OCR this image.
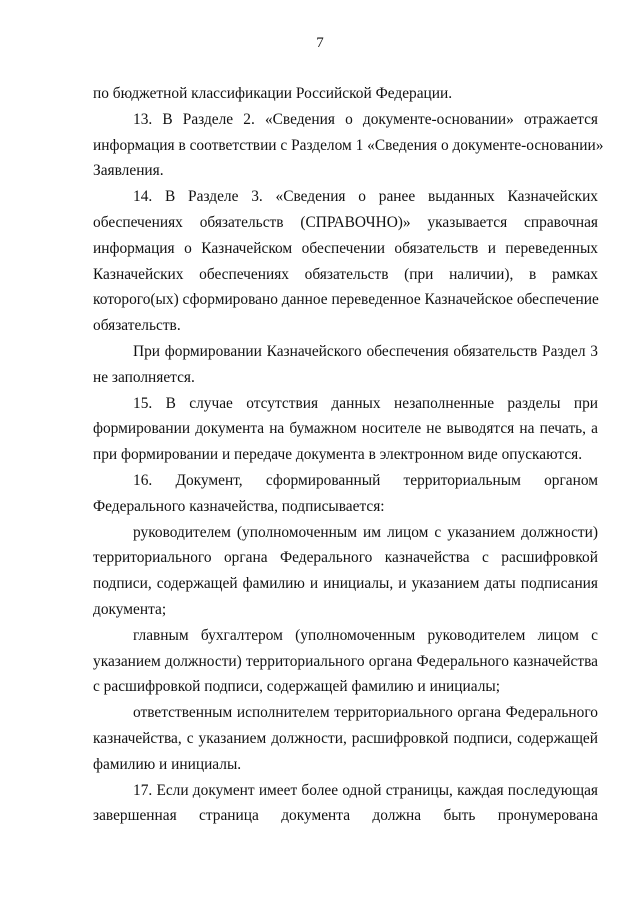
7
по бюджетной классификации Российской Федерации.
13. В Разделе 2. «Сведения о документе-основании» отражается
информация в соответствии с Разделом 1 «Сведения о документе-основании»
Заявления.
14. В Разделе 3. «Сведения о ранее выданных Казначейских
обеспечениях обязательств (СПРАВОЧНО)» указывается справочная
информация о Казначейском обеспечении обязательств и переведенных
Казначейских обеспечениях обязательств (при наличии), в рамках
которого(ых) сформировано данное переведенное Казначейское обеспечение
обязательств.
При формировании Казначейского обеспечения обязательств Раздел 3
не заполняется.
15. В случае отсутствия данных незаполненные разделы при
формировании документа на бумажном носителе не выводятся на печать, а
при формировании и передаче документа в электронном виде опускаются.
16. Документ, сформированный территориальным органом
Федерального казначейства, подписывается:
руководителем (уполномоченным им лицом с указанием должности)
территориального органа Федерального казначейства с расшифровкой
подписи, содержащей фамилию и инициалы, и указанием даты подписания
документа;
главным бухгалтером (уполномоченным руководителем лицом с
указанием должности) территориального органа Федерального казначейства
с расшифровкой подписи, содержащей фамилию и инициалы;
ответственным исполнителем территориального органа Федерального
казначейства, с указанием должности, расшифровкой подписи, содержащей
фамилию и инициалы.
17. Если документ имеет более одной страницы, каждая последующая
завершенная страница документа должна быть пронумерована
